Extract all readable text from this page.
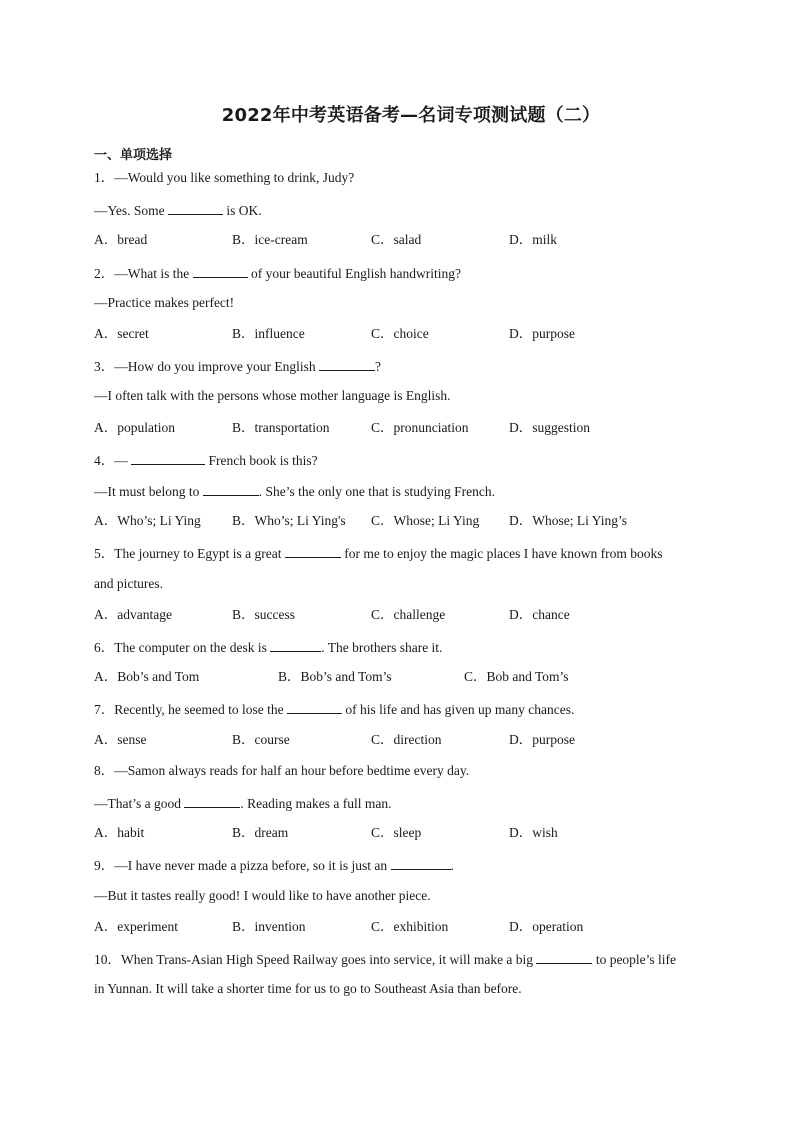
2022年中考英语备考—名词专项测试题（二）
一、单项选择
1．—Would you like something to drink, Judy?
—Yes. Some	is OK.
A．bread	B．ice-cream	C．salad	D．milk
2．—What is the	of your beautiful English handwriting?
—Practice makes perfect!
A．secret	B．influence	C．choice	D．purpose
3．—How do you improve your English	?
—I often talk with the persons whose mother language is English.
A．population	B．transportation	C．pronunciation	D．suggestion
4．—	French book is this?
—It must belong to	. She’s the only one that is studying French.
A．Who’s; Li Ying B．Who’s; Li Ying's C．Whose; Li Ying D．Whose; Li Ying’s
5．The journey to Egypt is a great	for me to enjoy the magic places I have known from books
and pictures.
A．advantage	B．success	C．challenge	D．chance
6．The computer on the desk is	. The brothers share it.
A．Bob’s and Tom	B．Bob’s and Tom’s	C．Bob and Tom’s
7．Recently, he seemed to lose the	of his life and has given up many chances.
A．sense	B．course	C．direction	D．purpose
8．—Samon always reads for half an hour before bedtime every day.
—That’s a good	. Reading makes a full man.
A．habit	B．dream	C．sleep	D．wish
9．—I have never made a pizza before, so it is just an	.
—But it tastes really good! I would like to have another piece.
A．experiment	B．invention	C．exhibition	D．operation
10．When Trans-Asian High Speed Railway goes into service, it will make a big	to people’s life
in Yunnan. It will take a shorter time for us to go to Southeast Asia than before.
